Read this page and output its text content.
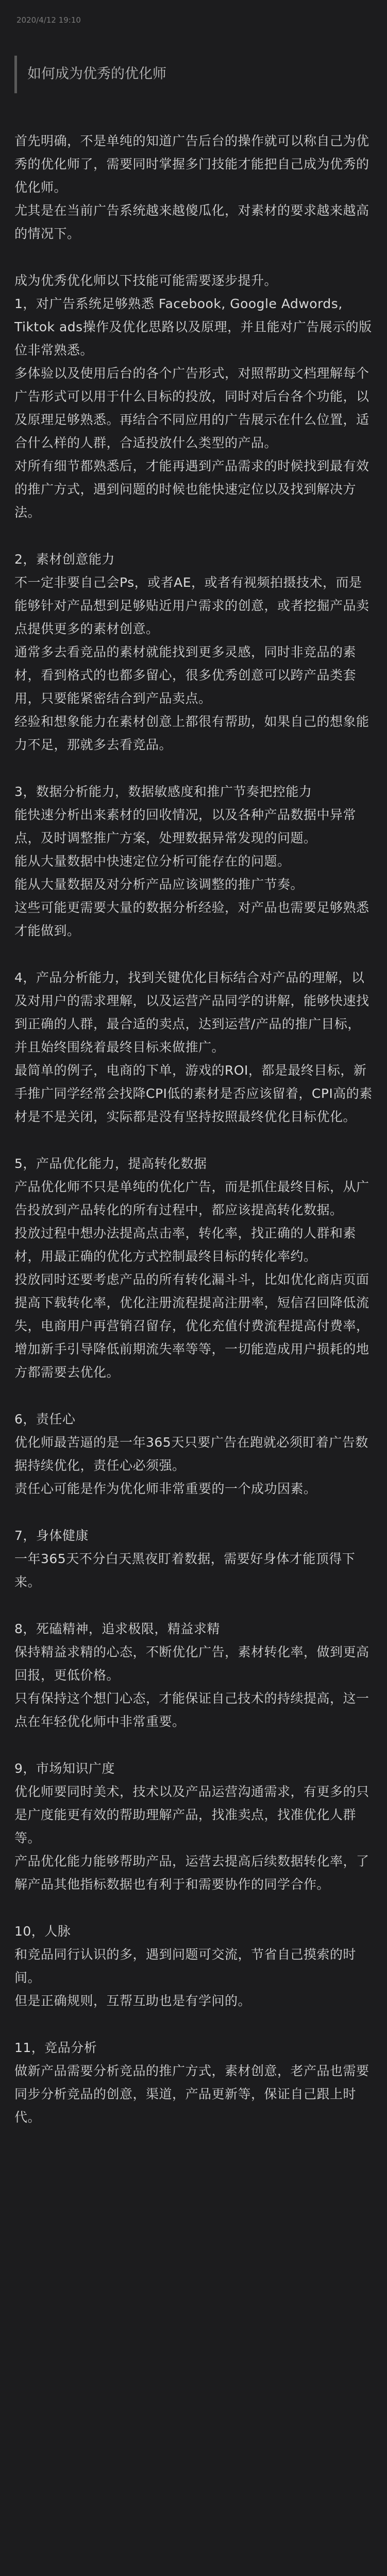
2020/4/12 19:10
如何成为优秀的优化师

首先明确，不是单纯的知道广告后台的操作就可以称自己为优秀的优化师了，需要同时掌握多门技能才能把自己成为优秀的优化师。

尤其是在当前广告系统越来越傻瓜化，对素材的要求越来越高的情况下。

成为优秀优化师以下技能可能需要逐步提升。

1，对广告系统足够熟悉 Facebook, Google Adwords, Tiktok ads操作及优化思路以及原理，并且能对广告展示的版位非常熟悉。

多体验以及使用后台的各个广告形式，对照帮助文档理解每个广告形式可以用于什么目标的投放，同时对后台各个功能，以及原理足够熟悉。再结合不同应用的广告展示在什么位置，适合什么样的人群，合适投放什么类型的产品。

对所有细节都熟悉后，才能再遇到产品需求的时候找到最有效的推广方式，遇到问题的时候也能快速定位以及找到解决方法。

2，素材创意能力

不一定非要自己会Ps，或者AE，或者有视频拍摄技术，而是能够针对产品想到足够贴近用户需求的创意，或者挖掘产品卖点提供更多的素材创意。

通常多去看竞品的素材就能找到更多灵感，同时非竞品的素材，看到格式的也都多留心，很多优秀创意可以跨产品类套用，只要能紧密结合到产品卖点。

经验和想象能力在素材创意上都很有帮助，如果自己的想象能力不足，那就多去看竞品。

3，数据分析能力，数据敏感度和推广节奏把控能力

能快速分析出来素材的回收情况，以及各种产品数据中异常点，及时调整推广方案，处理数据异常发现的问题。

能从大量数据中快速定位分析可能存在的问题。

能从大量数据及对分析产品应该调整的推广节奏。

这些可能更需要大量的数据分析经验，对产品也需要足够熟悉才能做到。

4，产品分析能力，找到关键优化目标结合对产品的理解，以及对用户的需求理解，以及运营产品同学的讲解，能够快速找到正确的人群，最合适的卖点，达到运营/产品的推广目标，并且始终围绕着最终目标来做推广。

最简单的例子，电商的下单，游戏的ROI，都是最终目标，新手推广同学经常会找降CPI低的素材是否应该留着，CPI高的素材是不是关闭，实际都是没有坚持按照最终优化目标优化。

5，产品优化能力，提高转化数据

产品优化师不只是单纯的优化广告，而是抓住最终目标，从广告投放到产品转化的所有过程中，都应该提高转化数据。

投放过程中想办法提高点击率，转化率，找正确的人群和素材，用最正确的优化方式控制最终目标的转化率约。

投放同时还要考虑产品的所有转化漏斗斗，比如优化商店页面提高下载转化率，优化注册流程提高注册率，短信召回降低流失，电商用户再营销召留存，优化充值付费流程提高付费率，增加新手引导降低前期流失率等等，一切能造成用户损耗的地方都需要去优化。

6，责任心

优化师最苦逼的是一年365天只要广告在跑就必须盯着广告数据持续优化，责任心必须强。

责任心可能是作为优化师非常重要的一个成功因素。

7，身体健康

一年365天不分白天黑夜盯着数据，需要好身体才能顶得下来。

8，死磕精神，追求极限，精益求精

保持精益求精的心态，不断优化广告，素材转化率，做到更高回报，更低价格。

只有保持这个想门心态，才能保证自己技术的持续提高，这一点在年轻优化师中非常重要。

9，市场知识广度

优化师要同时美术，技术以及产品运营沟通需求，有更多的只是广度能更有效的帮助理解产品，找准卖点，找准优化人群等。

产品优化能力能够帮助产品，运营去提高后续数据转化率，了解产品其他指标数据也有利于和需要协作的同学合作。

10，人脉

和竞品同行认识的多，遇到问题可交流，节省自己摸索的时间。

但是正确规则，互帮互助也是有学问的。

11，竞品分析

做新产品需要分析竞品的推广方式，素材创意，老产品也需要同步分析竞品的创意，渠道，产品更新等，保证自己跟上时代。
